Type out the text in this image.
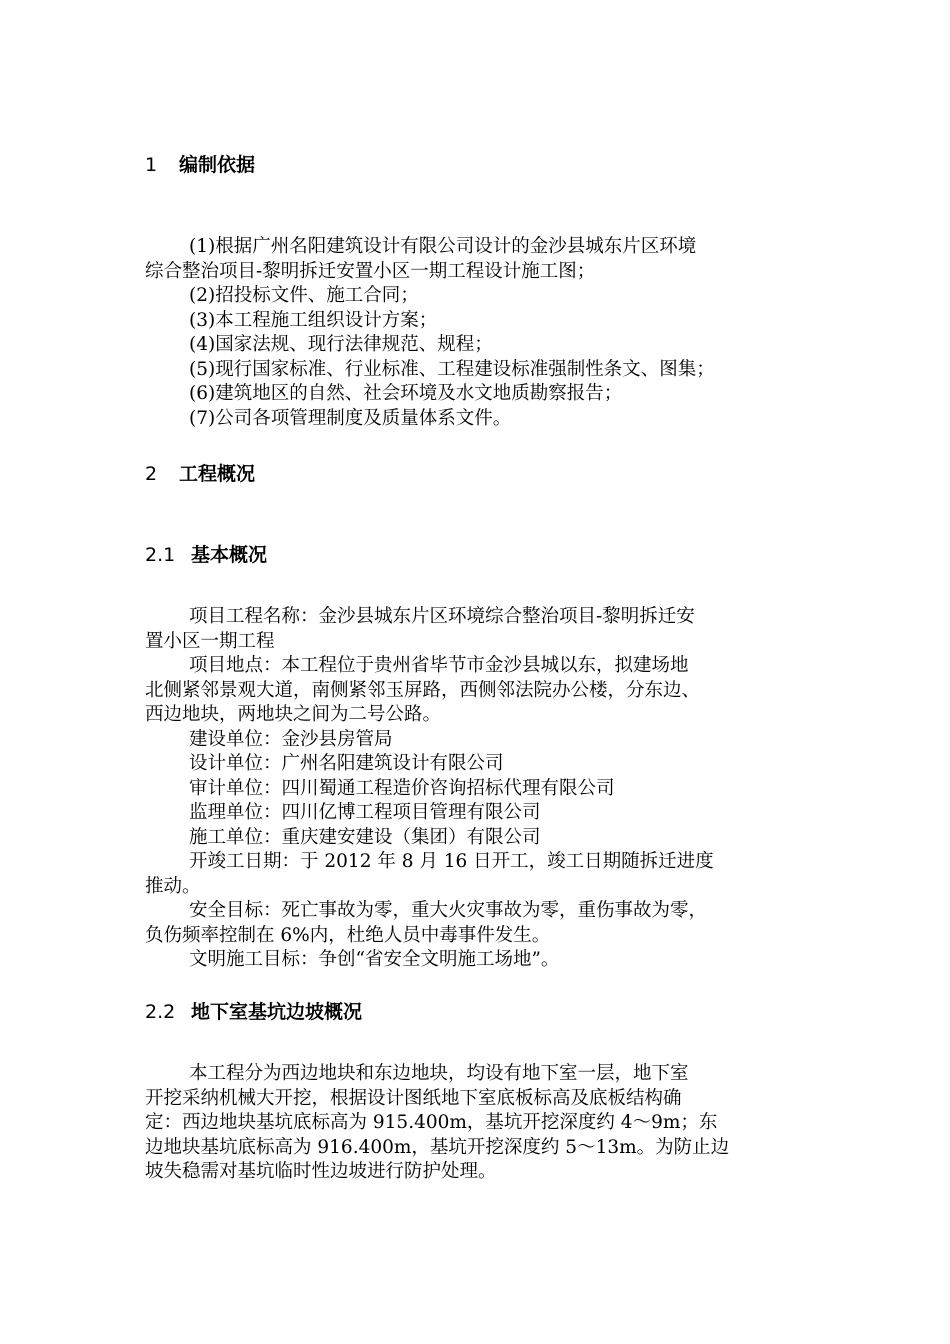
1 编制依据
(1)根据广州名阳建筑设计有限公司设计的金沙县城东片区环境
综合整治项目-黎明拆迁安置小区一期工程设计施工图；
(2)招投标文件、施工合同；
(3)本工程施工组织设计方案；
(4)国家法规、现行法律规范、规程；
(5)现行国家标准、行业标准、工程建设标准强制性条文、图集；
(6)建筑地区的自然、社会环境及水文地质勘察报告；
(7)公司各项管理制度及质量体系文件。
2 工程概况
2.1 基本概况
项目工程名称：金沙县城东片区环境综合整治项目-黎明拆迁安
置小区一期工程
项目地点：本工程位于贵州省毕节市金沙县城以东，拟建场地
北侧紧邻景观大道，南侧紧邻玉屏路，西侧邻法院办公楼，分东边、
西边地块，两地块之间为二号公路。
建设单位：金沙县房管局
设计单位：广州名阳建筑设计有限公司
审计单位：四川蜀通工程造价咨询招标代理有限公司
监理单位：四川亿博工程项目管理有限公司
施工单位：重庆建安建设（集团）有限公司
开竣工日期：于 2012 年 8 月 16 日开工，竣工日期随拆迁进度
推动。
安全目标：死亡事故为零，重大火灾事故为零，重伤事故为零，
负伤频率控制在 6%内，杜绝人员中毒事件发生。
文明施工目标：争创“省安全文明施工场地”。
2.2 地下室基坑边坡概况
本工程分为西边地块和东边地块，均设有地下室一层，地下室
开挖采纳机械大开挖，根据设计图纸地下室底板标高及底板结构确
定：西边地块基坑底标高为 915.400m，基坑开挖深度约 4～9m；东
边地块基坑底标高为 916.400m，基坑开挖深度约 5～13m。为防止边
坡失稳需对基坑临时性边坡进行防护处理。
